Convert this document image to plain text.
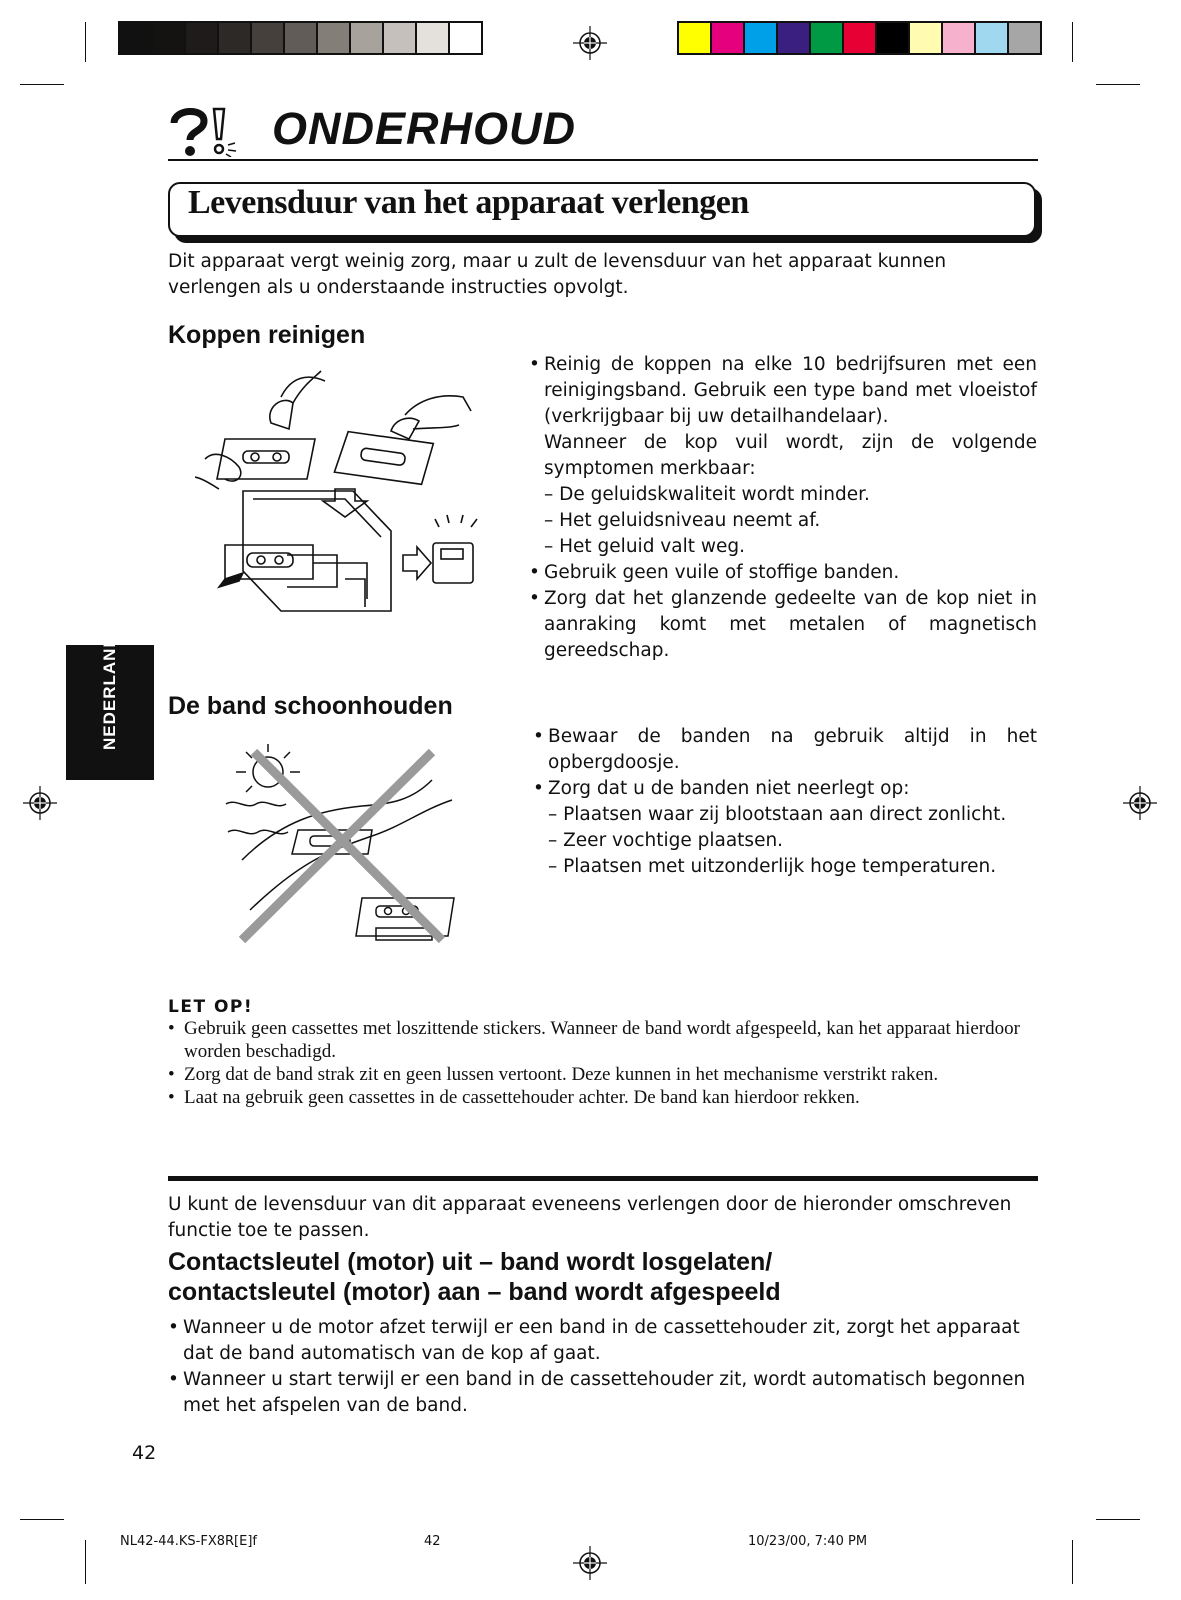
ONDERHOUD
Levensduur van het apparaat verlengen

Dit apparaat vergt weinig zorg, maar u zult de levensduur van het apparaat kunnen verlengen als u onderstaande instructies opvolgt.

Koppen reinigen
• Reinig de koppen na elke 10 bedrijfsuren met een reinigingsband. Gebruik een type band met vloeistof (verkrijgbaar bij uw detailhandelaar).
Wanneer de kop vuil wordt, zijn de volgende symptomen merkbaar:
– De geluidskwaliteit wordt minder.
– Het geluidsniveau neemt af.
– Het geluid valt weg.
• Gebruik geen vuile of stoffige banden.
• Zorg dat het glanzende gedeelte van de kop niet in aanraking komt met metalen of magnetisch gereedschap.
NEDERLANDS De band schoonhouden
• Bewaar de banden na gebruik altijd in het opbergdoosje.
• Zorg dat u de banden niet neerlegt op:
– Plaatsen waar zij blootstaan aan direct zonlicht.
– Zeer vochtige plaatsen.
– Plaatsen met uitzonderlijk hoge temperaturen.
LET OP!
• Gebruik geen cassettes met loszittende stickers. Wanneer de band wordt afgespeeld, kan het apparaat hierdoor worden beschadigd.
• Zorg dat de band strak zit en geen lussen vertoont. Deze kunnen in het mechanisme verstrikt raken.
• Laat na gebruik geen cassettes in de cassettehouder achter. De band kan hierdoor rekken.

U kunt de levensduur van dit apparaat eveneens verlengen door de hieronder omschreven functie toe te passen.

Contactsleutel (motor) uit – band wordt losgelaten/
contactsleutel (motor) aan – band wordt afgespeeld
• Wanneer u de motor afzet terwijl er een band in de cassettehouder zit, zorgt het apparaat dat de band automatisch van de kop af gaat.
• Wanneer u start terwijl er een band in de cassettehouder zit, wordt automatisch begonnen met het afspelen van de band.
42
NL42-44.KS-FX8R[E]f	42	10/23/00, 7:40 PM
